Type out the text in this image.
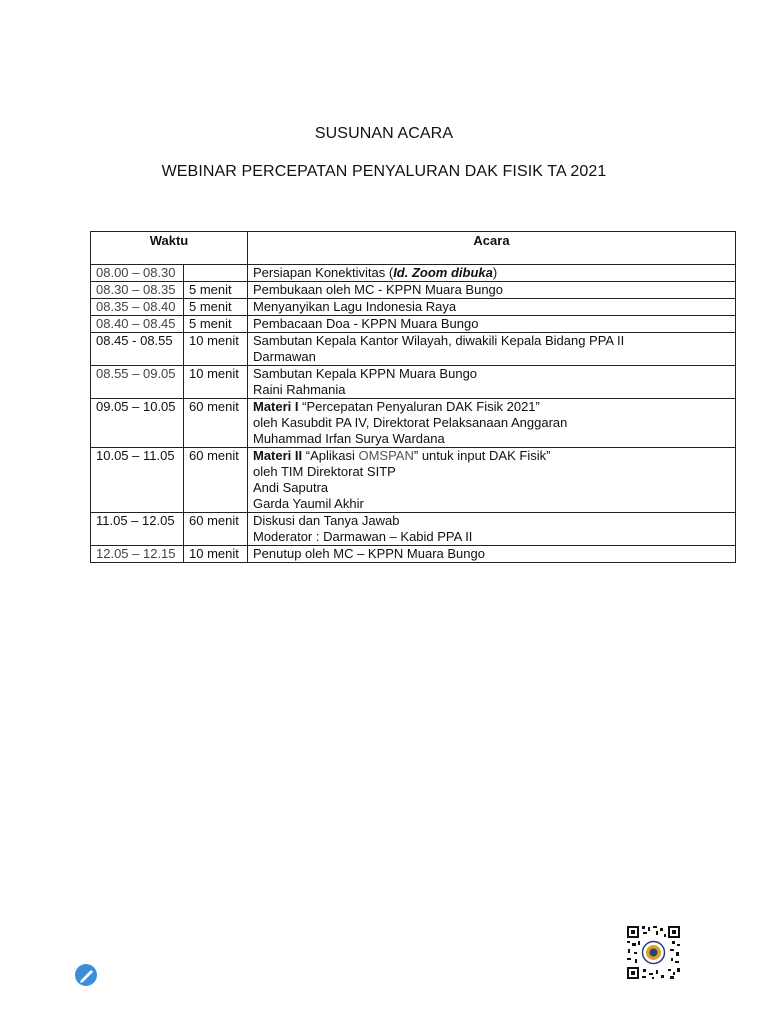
SUSUNAN ACARA
WEBINAR PERCEPATAN PENYALURAN DAK FISIK TA 2021
Waktu		Acara
08.00 – 08.30		Persiapan Konektivitas (Id. Zoom dibuka)

08.30 – 08.35	5 menit	Pembukaan oleh MC - KPPN Muara Bungo

08.35 – 08.40	5 menit	Menyanyikan Lagu Indonesia Raya

08.40 – 08.45	5 menit	Pembacaan Doa - KPPN Muara Bungo

08.45 - 08.55	10 menit	Sambutan Kepala Kantor Wilayah, diwakili Kepala Bidang PPA II
Darmawan

08.55 – 09.05	10 menit	Sambutan Kepala KPPN Muara Bungo
Raini Rahmania

09.05 – 10.05	60 menit	Materi I “Percepatan Penyaluran DAK Fisik 2021”
oleh Kasubdit PA IV, Direktorat Pelaksanaan Anggaran
Muhammad Irfan Surya Wardana

10.05 – 11.05	60 menit	Materi II “Aplikasi OMSPAN” untuk input DAK Fisik”
oleh TIM Direktorat SITP
Andi Saputra
Garda Yaumil Akhir

11.05 – 12.05	60 menit	Diskusi dan Tanya Jawab
Moderator : Darmawan – Kabid PPA II

12.05 – 12.15	10 menit	Penutup oleh MC – KPPN Muara Bungo
